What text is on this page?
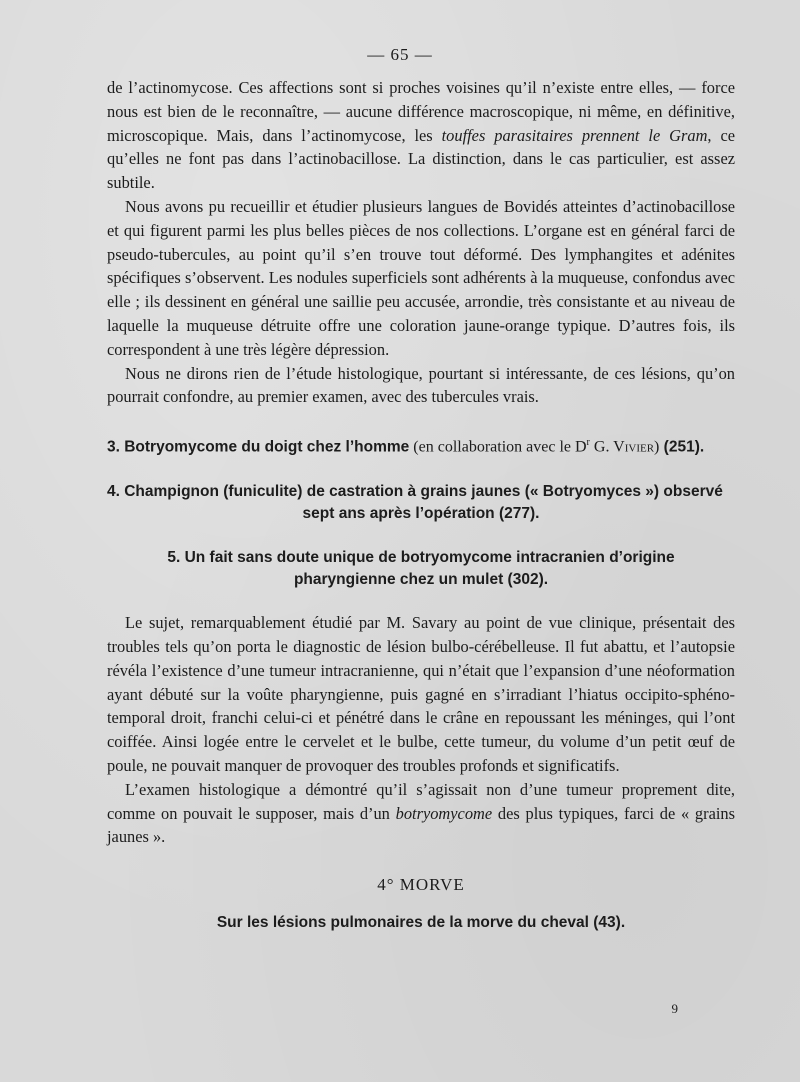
— 65 —

de l’actinomycose. Ces affections sont si proches voisines qu’il n’existe entre elles, — force nous est bien de le reconnaître, — aucune différence macroscopique, ni même, en définitive, microscopique. Mais, dans l’actinomycose, les touffes parasitaires prennent le Gram, ce qu’elles ne font pas dans l’actinobacillose. La distinction, dans le cas particulier, est assez subtile.

Nous avons pu recueillir et étudier plusieurs langues de Bovidés atteintes d’actinobacillose et qui figurent parmi les plus belles pièces de nos collections. L’organe est en général farci de pseudo-tubercules, au point qu’il s’en trouve tout déformé. Des lymphangites et adénites spécifiques s’observent. Les nodules superficiels sont adhérents à la muqueuse, confondus avec elle ; ils dessinent en général une saillie peu accusée, arrondie, très consistante et au niveau de laquelle la muqueuse détruite offre une coloration jaune-orange typique. D’autres fois, ils correspondent à une très légère dépression.

Nous ne dirons rien de l’étude histologique, pourtant si intéressante, de ces lésions, qu’on pourrait confondre, au premier examen, avec des tubercules vrais.

3. Botryomycome du doigt chez l’homme (en collaboration avec le $D^r$ G. Vivier) (251).

4. Champignon (funiculite) de castration à grains jaunes (« Botryomyces ») observé
sept ans après l’opération (277).
5. Un fait sans doute unique de botryomycome intracranien d’origine
pharyngienne chez un mulet (302).

Le sujet, remarquablement étudié par M. Savary au point de vue clinique, présentait des troubles tels qu’on porta le diagnostic de lésion bulbo-cérébelleuse. Il fut abattu, et l’autopsie révéla l’existence d’une tumeur intracranienne, qui n’était que l’expansion d’une néoformation ayant débuté sur la voûte pharyngienne, puis gagné en s’irradiant l’hiatus occipito-sphéno-temporal droit, franchi celui-ci et pénétré dans le crâne en repoussant les méninges, qui l’ont coiffée. Ainsi logée entre le cervelet et le bulbe, cette tumeur, du volume d’un petit œuf de poule, ne pouvait manquer de provoquer des troubles profonds et significatifs.

L’examen histologique a démontré qu’il s’agissait non d’une tumeur proprement dite, comme on pouvait le supposer, mais d’un botryomycome des plus typiques, farci de « grains jaunes ».

4° MORVE
Sur les lésions pulmonaires de la morve du cheval (43).
9
